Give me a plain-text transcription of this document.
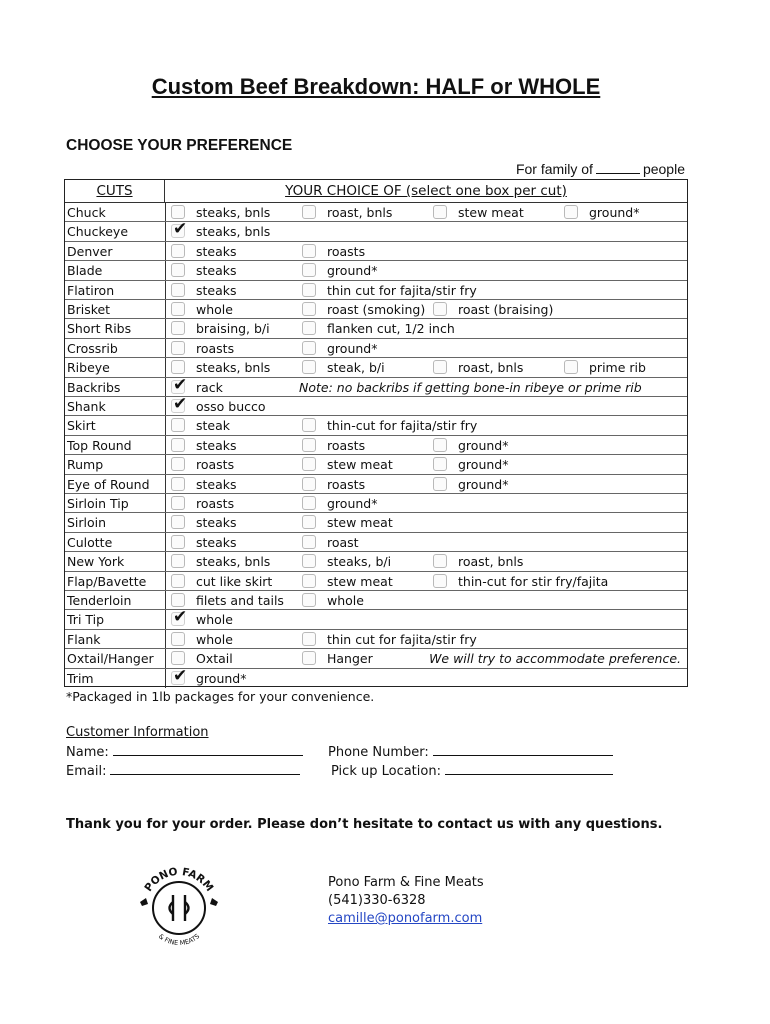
Custom Beef Breakdown: HALF or WHOLE
CHOOSE YOUR PREFERENCE
For family of	people
CUTS	YOUR CHOICE OF (select one box per cut)
Chuck	steaks, bnls	roast, bnls	stew meat	ground*
Chuckeye	✔ steaks, bnls
Denver	steaks	roasts
Blade	steaks	ground*
Flatiron	steaks	thin cut for fajita/stir fry
Brisket	whole	roast (smoking)	roast (braising)
Short Ribs	braising, b/i	flanken cut, 1/2 inch
Crossrib	roasts	ground*
Ribeye	steaks, bnls	steak, b/i	roast, bnls	prime rib
Backribs	✔ rack	Note: no backribs if getting bone-in ribeye or prime rib
Shank	✔ osso bucco
Skirt	steak	thin-cut for fajita/stir fry
Top Round	steaks	roasts	ground*
Rump	roasts	stew meat	ground*
Eye of Round	steaks	roasts	ground*
Sirloin Tip	roasts	ground*
Sirloin	steaks	stew meat
Culotte	steaks	roast
New York	steaks, bnls	steaks, b/i	roast, bnls
Flap/Bavette	cut like skirt	stew meat	thin-cut for stir fry/fajita
Tenderloin	filets and tails	whole
Tri Tip	✔ whole
Flank	whole	thin cut for fajita/stir fry
Oxtail/Hanger	Oxtail	Hanger	We will try to accommodate preference.
Trim	✔ ground*
*Packaged in 1lb packages for your convenience.
Customer Information
Name:
Email:
Phone Number:
Pick up Location:
Thank you for your order. Please don’t hesitate to contact us with any questions.
PONO FARM
& FINE MEATS
Pono Farm & Fine Meats
(541)330-6328
camille@ponofarm.com
